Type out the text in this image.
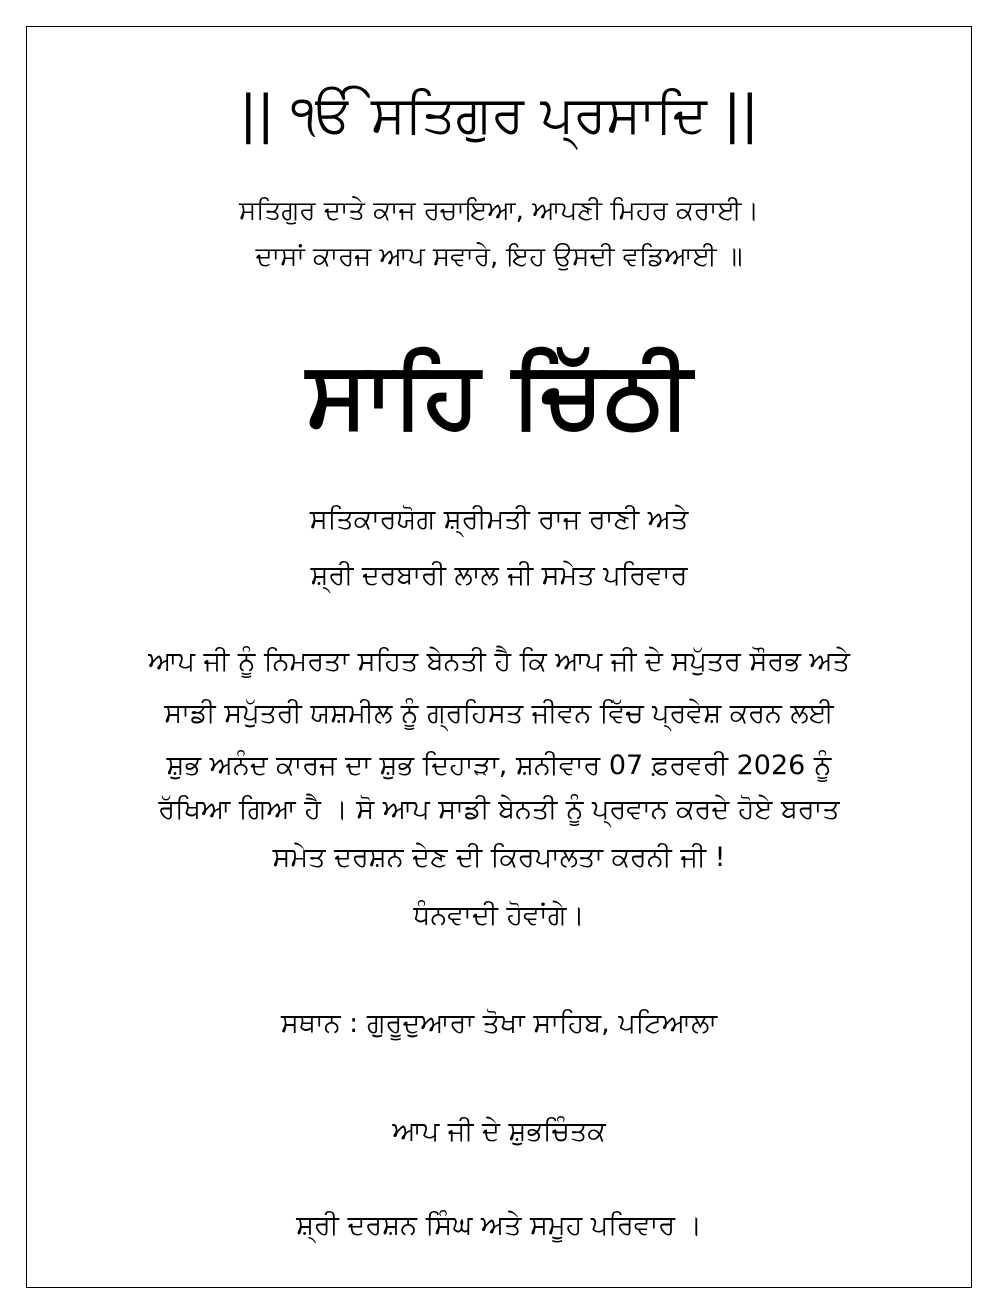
|| ੴ ਸਤਿਗੁਰ ਪ੍ਰਸਾਦਿ ||
ਸਤਿਗੁਰ ਦਾਤੇ ਕਾਜ ਰਚਾਇਆ, ਆਪਣੀ ਮਿਹਰ ਕਰਾਈ।
ਦਾਸਾਂ ਕਾਰਜ ਆਪ ਸਵਾਰੇ, ਇਹ ਉਸਦੀ ਵਡਿਆਈ ॥
ਸਾਹਿ ਚਿੱਠੀ
ਸਤਿਕਾਰਯੋਗ ਸ਼੍ਰੀਮਤੀ ਰਾਜ ਰਾਣੀ ਅਤੇ
ਸ਼੍ਰੀ ਦਰਬਾਰੀ ਲਾਲ ਜੀ ਸਮੇਤ ਪਰਿਵਾਰ
ਆਪ ਜੀ ਨੂੰ ਨਿਮਰਤਾ ਸਹਿਤ ਬੇਨਤੀ ਹੈ ਕਿ ਆਪ ਜੀ ਦੇ ਸਪੁੱਤਰ ਸੌਰਭ ਅਤੇ
ਸਾਡੀ ਸਪੁੱਤਰੀ ਯਸ਼ਮੀਲ ਨੂੰ ਗ੍ਰਹਿਸਤ ਜੀਵਨ ਵਿੱਚ ਪ੍ਰਵੇਸ਼ ਕਰਨ ਲਈ
ਸ਼ੁਭ ਅਨੰਦ ਕਾਰਜ ਦਾ ਸ਼ੁਭ ਦਿਹਾੜਾ, ਸ਼ਨੀਵਾਰ 07 ਫ਼ਰਵਰੀ 2026 ਨੂੰ
ਰੱਖਿਆ ਗਿਆ ਹੈ । ਸੋ ਆਪ ਸਾਡੀ ਬੇਨਤੀ ਨੂੰ ਪ੍ਰਵਾਨ ਕਰਦੇ ਹੋਏ ਬਰਾਤ
ਸਮੇਤ ਦਰਸ਼ਨ ਦੇਣ ਦੀ ਕਿਰਪਾਲਤਾ ਕਰਨੀ ਜੀ !
ਧੰਨਵਾਦੀ ਹੋਵਾਂਗੇ।
ਸਥਾਨ : ਗੁਰੂਦੁਆਰਾ ਤੋਖਾ ਸਾਹਿਬ, ਪਟਿਆਲਾ
ਆਪ ਜੀ ਦੇ ਸ਼ੁਭਚਿੰਤਕ
ਸ਼੍ਰੀ ਦਰਸ਼ਨ ਸਿੰਘ ਅਤੇ ਸਮੂਹ ਪਰਿਵਾਰ ।
